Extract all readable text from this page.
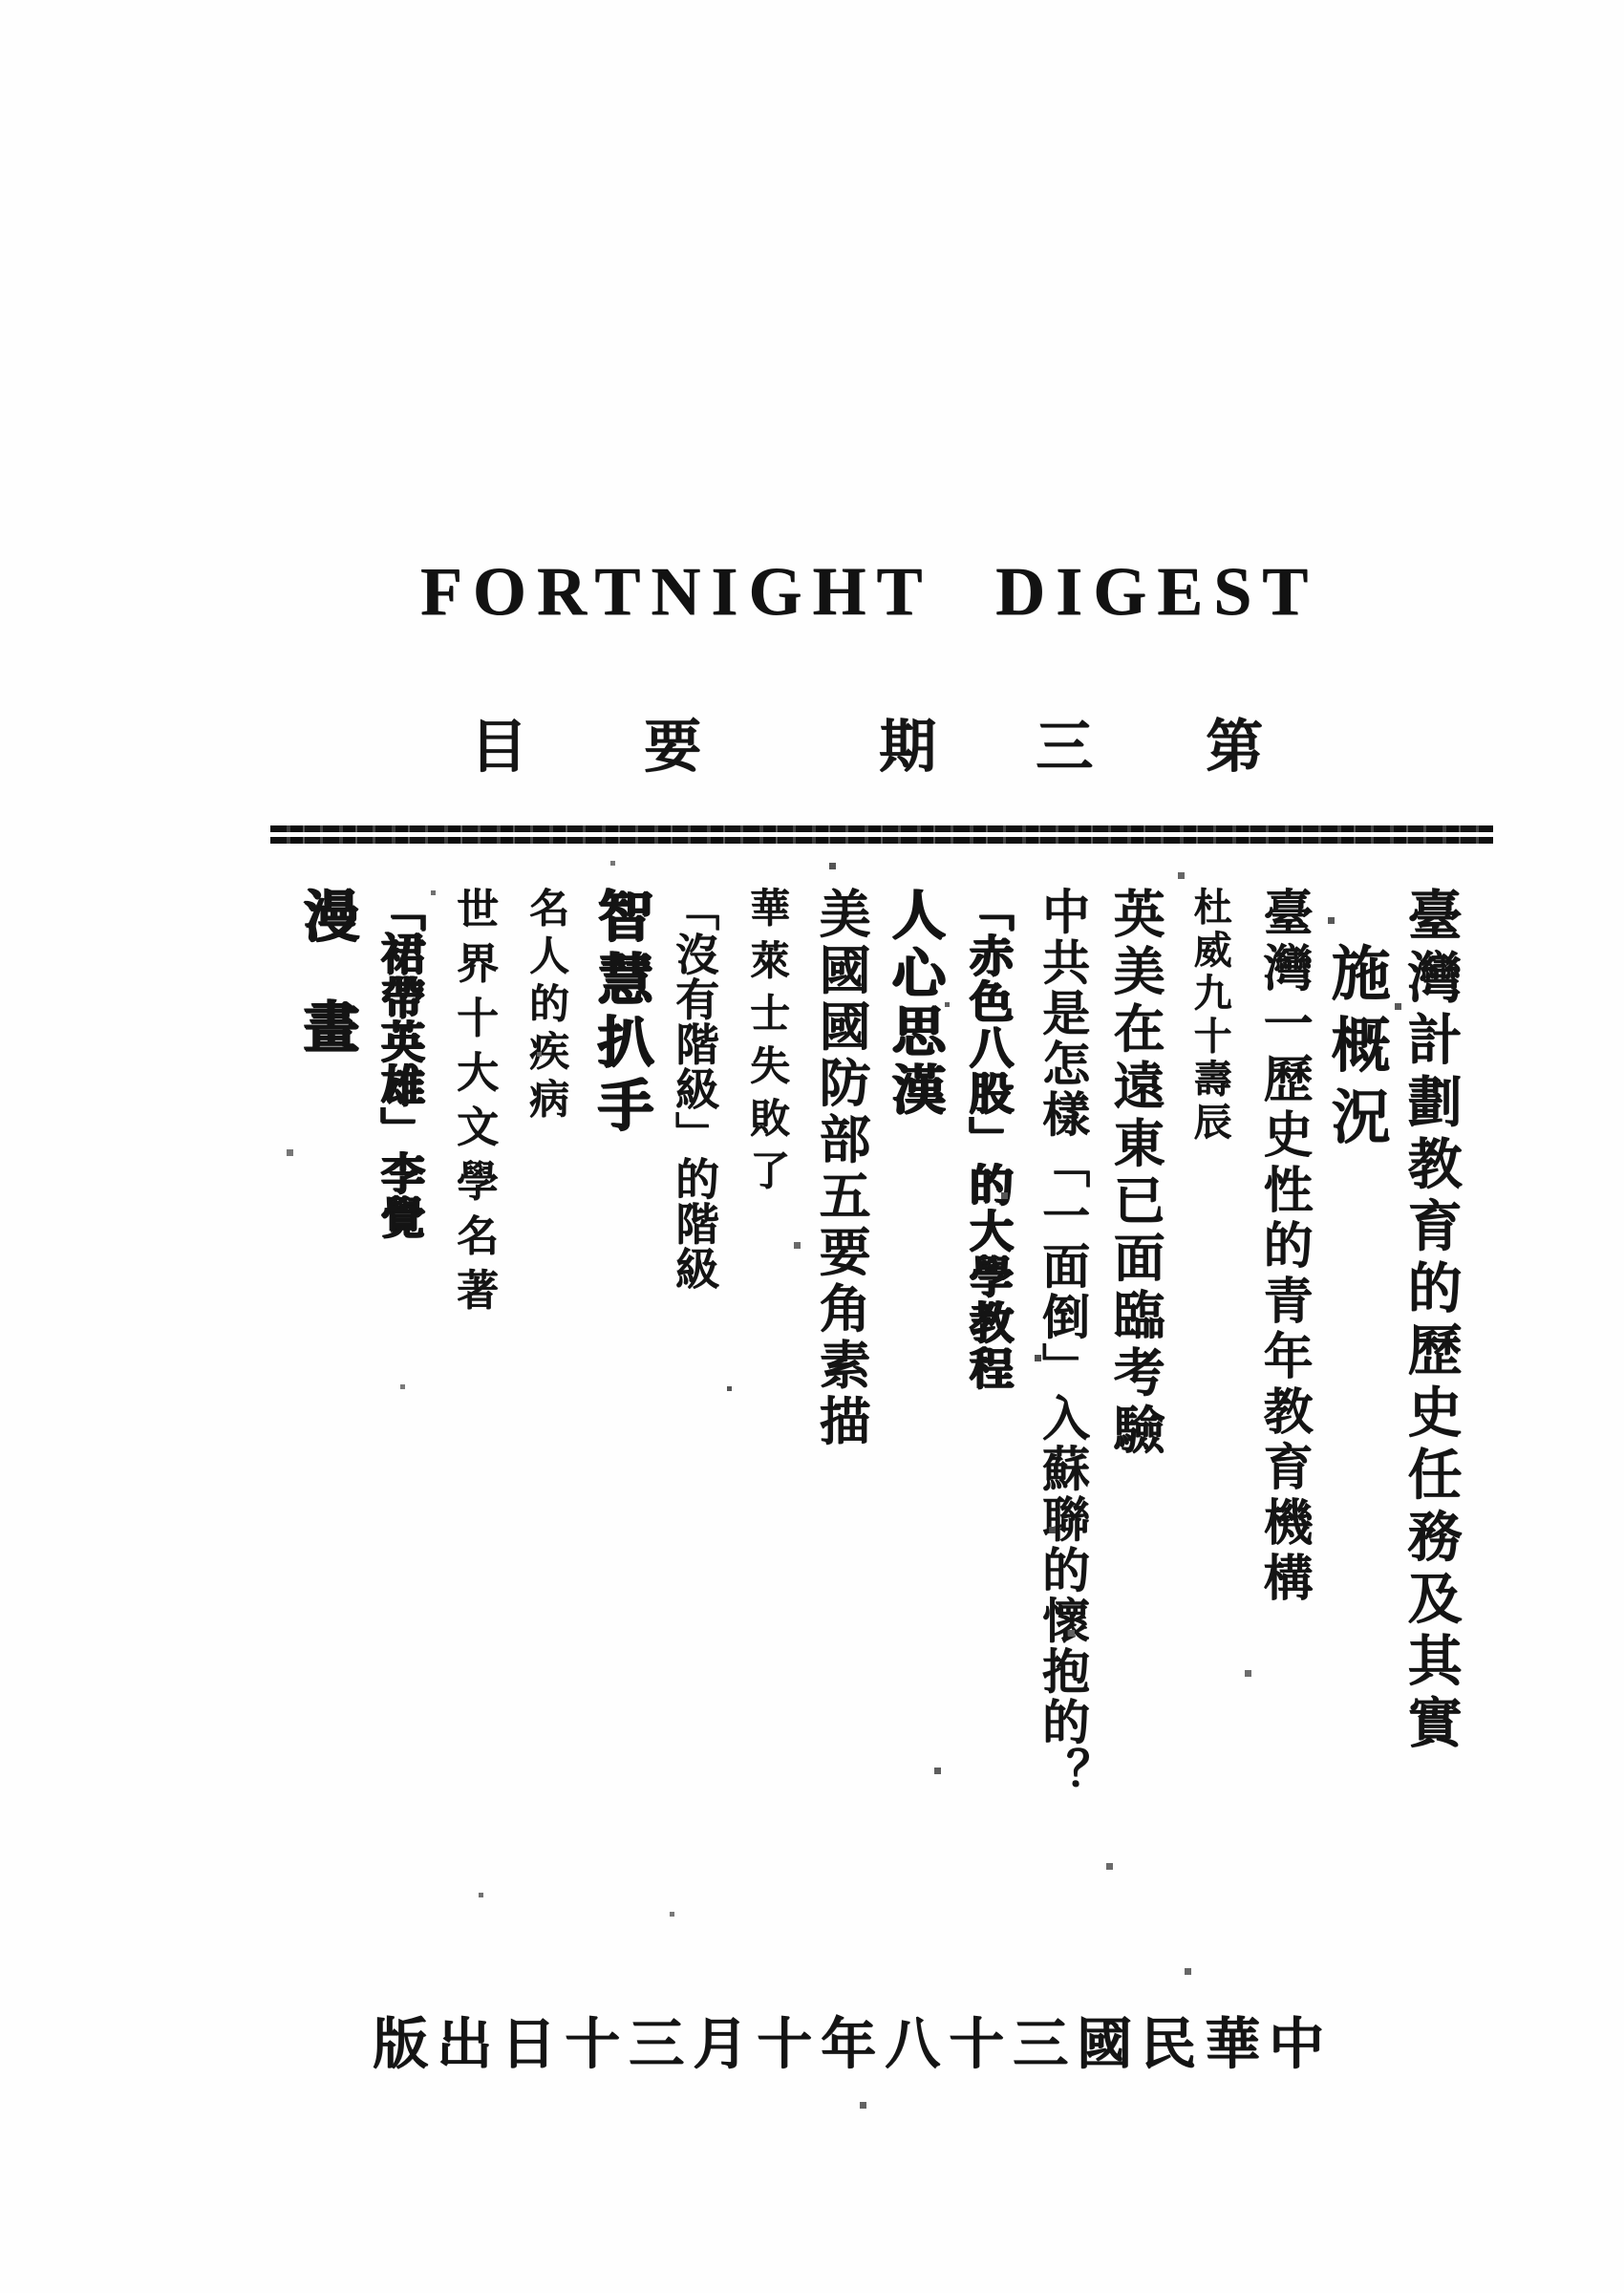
FORTNIGHT DIGEST
目 要	期 三 第
臺灣計劃教育的歷史任務及其實
施概況
臺灣一歷史性的青年教育機構
杜威九十壽辰
英美在遠東已面臨考驗
中共是怎樣「一面倒」入蘇聯的懷抱的？
「赤色八股」的大學教程
人心思漢
美國國防部五要角素描
華萊士失敗了
「沒有階級」的階級
智慧扒手
名人的疾病
世界十大文學名著
「裙帶英雄」李覺
漫　畫
版出日十三月十年八十三國民華中
